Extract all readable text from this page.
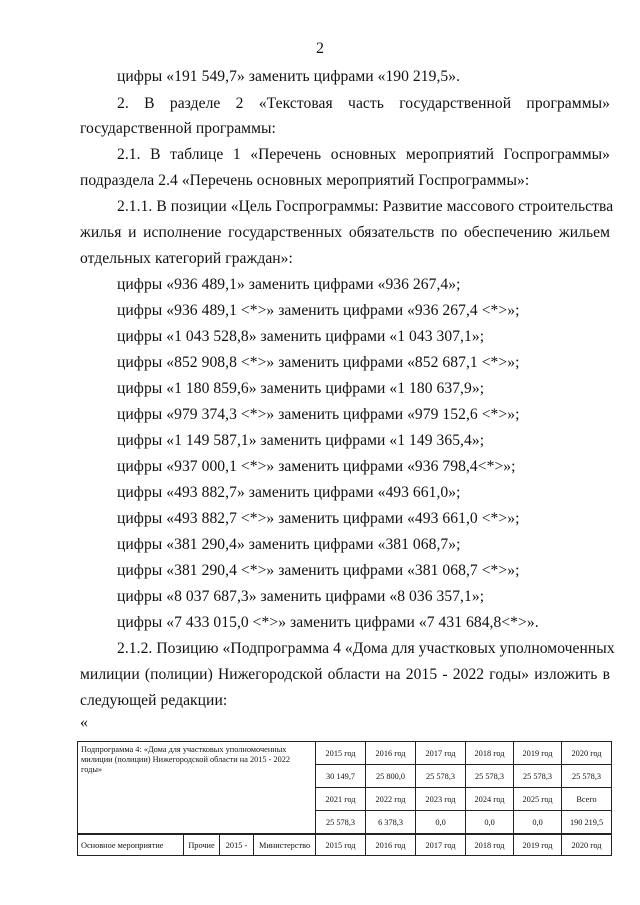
2
цифры «191 549,7» заменить цифрами «190 219,5».
2. В разделе 2 «Текстовая часть государственной программы»
государственной программы:
2.1. В таблице 1 «Перечень основных мероприятий Госпрограммы»
подраздела 2.4 «Перечень основных мероприятий Госпрограммы»:
2.1.1. В позиции «Цель Госпрограммы: Развитие массового строительства
жилья и исполнение государственных обязательств по обеспечению жильем
отдельных категорий граждан»:
цифры «936 489,1» заменить цифрами «936 267,4»;
цифры «936 489,1 <*>» заменить цифрами «936 267,4 <*>»;
цифры «1 043 528,8» заменить цифрами «1 043 307,1»;
цифры «852 908,8 <*>» заменить цифрами «852 687,1 <*>»;
цифры «1 180 859,6» заменить цифрами «1 180 637,9»;
цифры «979 374,3 <*>» заменить цифрами «979 152,6 <*>»;
цифры «1 149 587,1» заменить цифрами «1 149 365,4»;
цифры «937 000,1 <*>» заменить цифрами «936 798,4<*>»;
цифры «493 882,7» заменить цифрами «493 661,0»;
цифры «493 882,7 <*>» заменить цифрами «493 661,0 <*>»;
цифры «381 290,4» заменить цифрами «381 068,7»;
цифры «381 290,4 <*>» заменить цифрами «381 068,7 <*>»;
цифры «8 037 687,3» заменить цифрами «8 036 357,1»;
цифры «7 433 015,0 <*>» заменить цифрами «7 431 684,8<*>».
2.1.2. Позицию «Подпрограмма 4 «Дома для участковых уполномоченных
милиции (полиции) Нижегородской области на 2015 - 2022 годы» изложить в
следующей редакции:
«
Подпрограмма 4: «Дома для участковых уполномоченных милиции (полиции) Нижегородской области на 2015 - 2022 годы»				2015 год	2016 год	2017 год	2018 год	2019 год	2020 год
				30 149,7	25 800,0	25 578,3	25 578,3	25 578,3	25 578,3
				2021 год	2022 год	2023 год	2024 год	2025 год	Всего
				25 578,3	6 378,3	0,0	0,0	0,0	190 219,5

Основное мероприятие	Прочие	2015 -	Министерство	2015 год	2016 год	2017 год	2018 год	2019 год	2020 год
